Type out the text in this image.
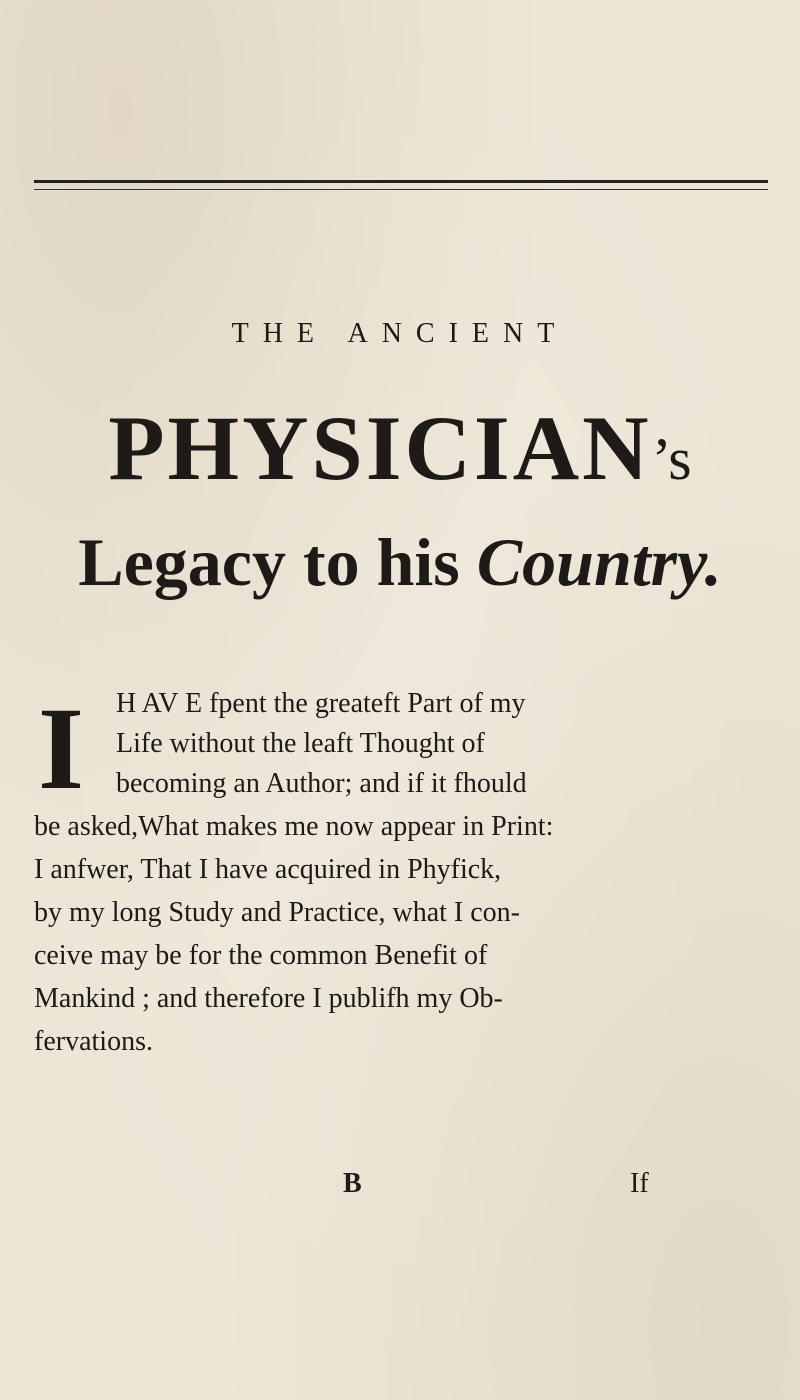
THE ANCIENT
PHYSICIAN’s
Legacy to his Country.
I H AV E fpent the greateft Part of my
Life without the leaft Thought of
becoming an Author; and if it fhould
be asked,What makes me now appear in Print:
I anfwer, That I have acquired in Phyfick,
by my long Study and Practice, what I con-
ceive may be for the common Benefit of
Mankind ; and therefore I publifh my Ob-
fervations.
B	If
